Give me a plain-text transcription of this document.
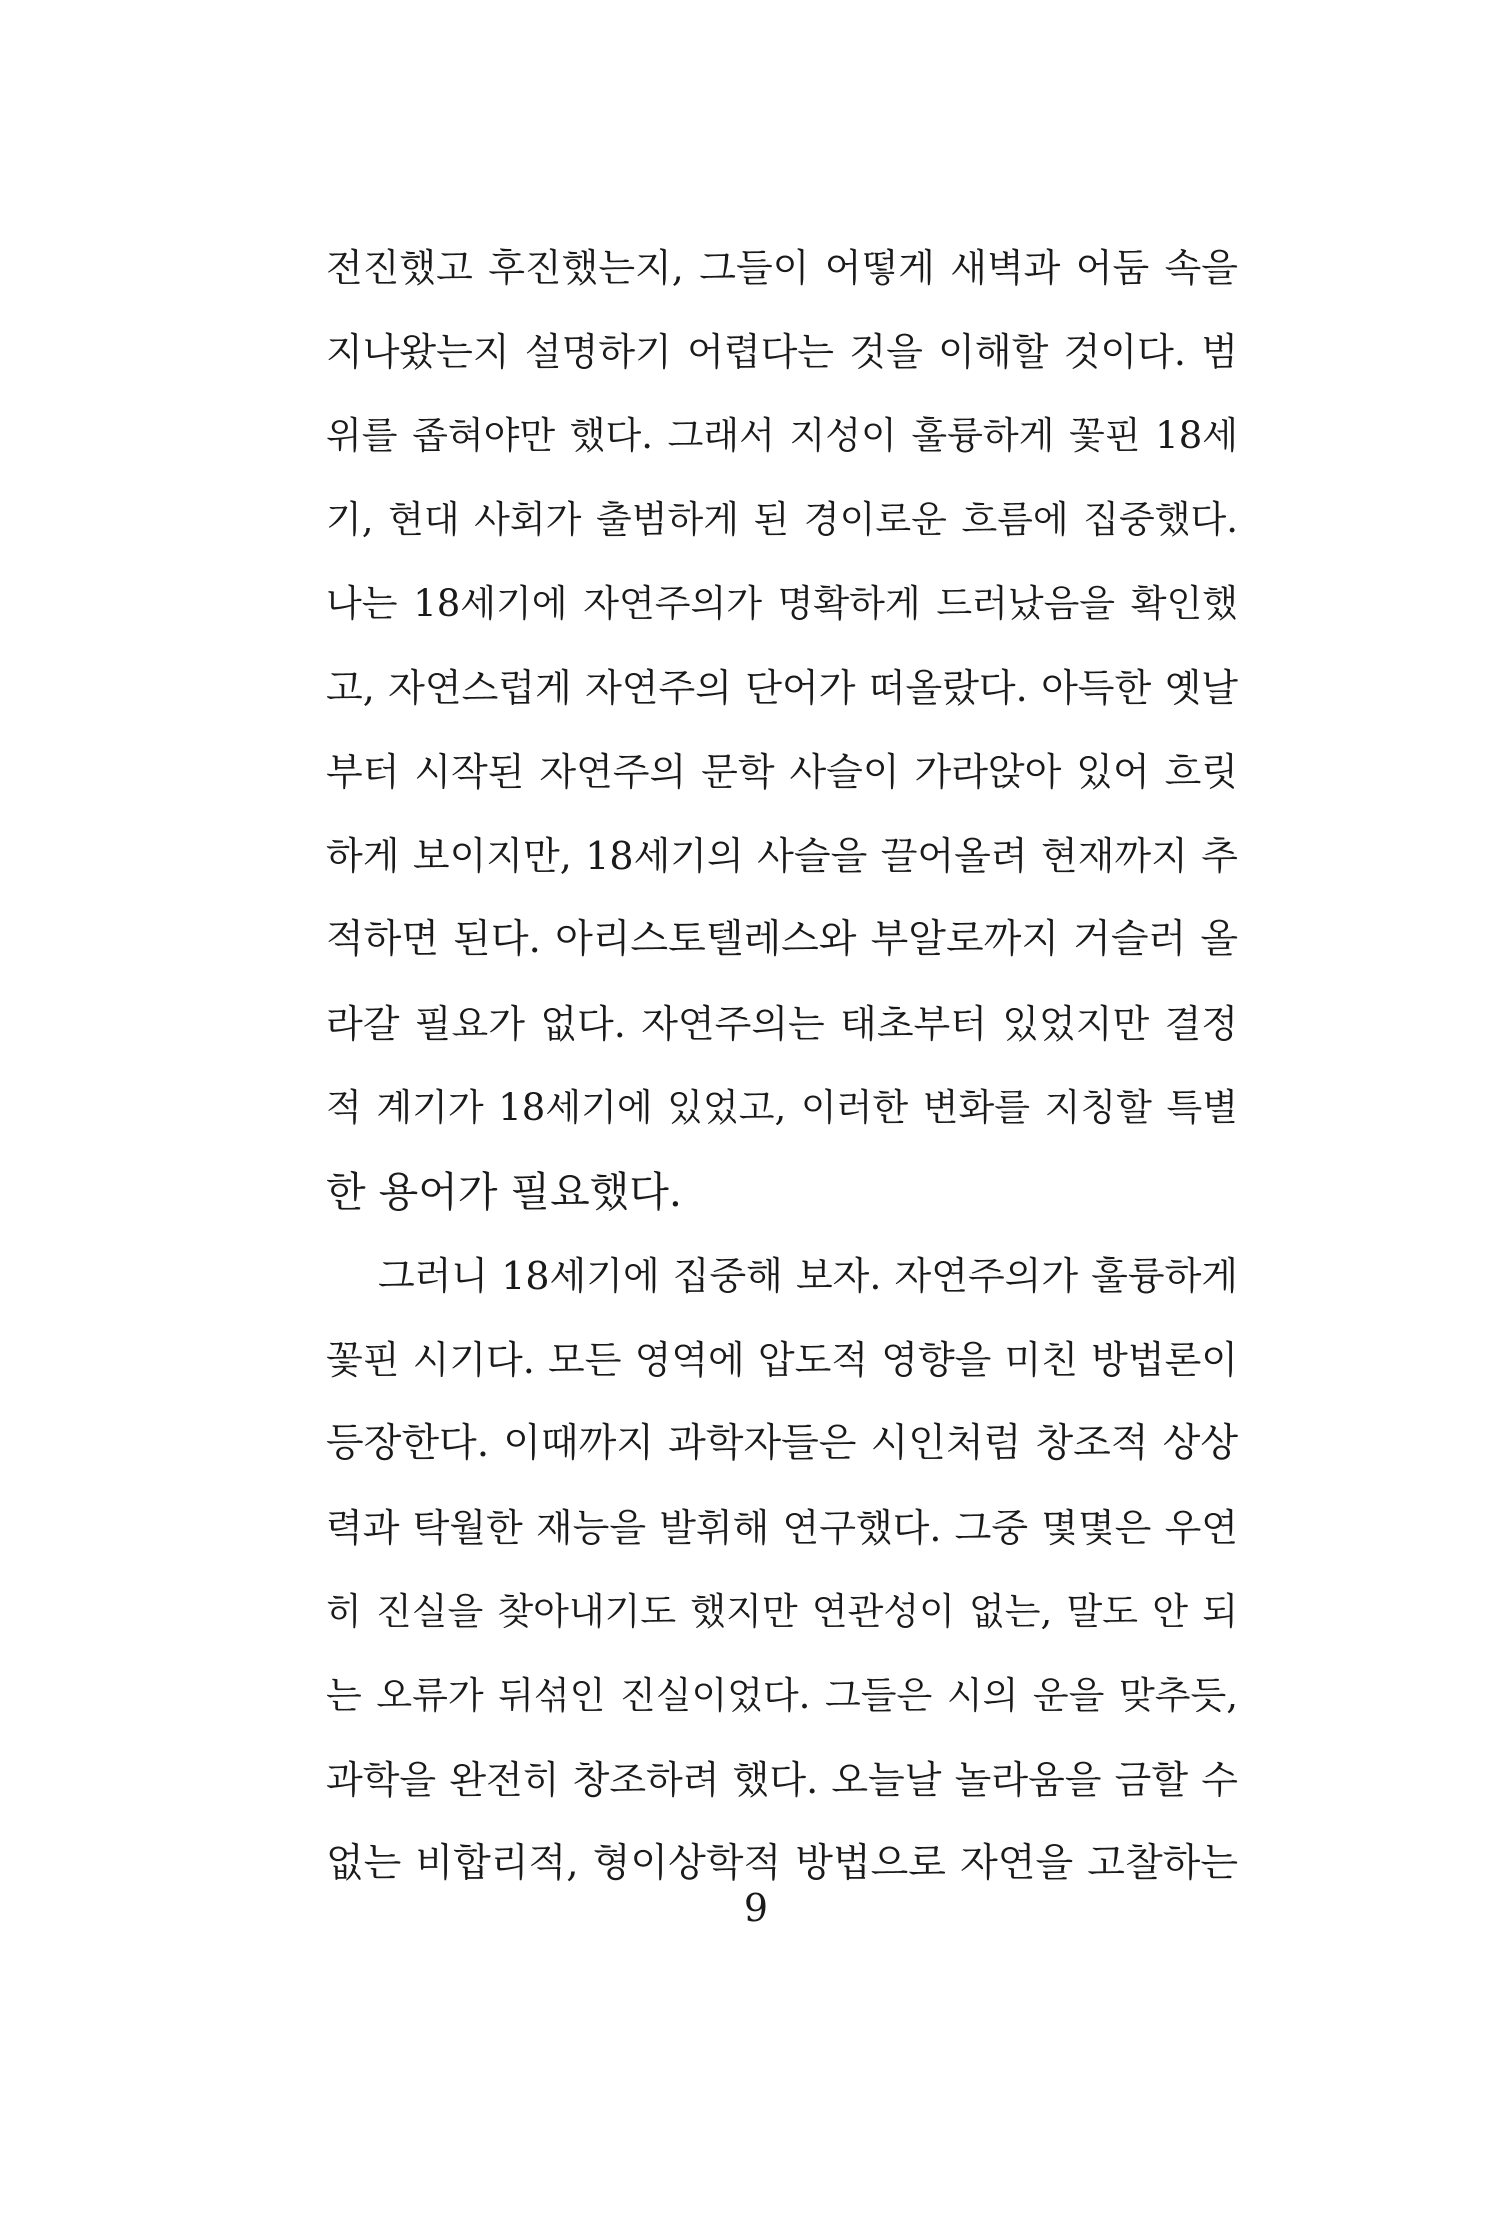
전진했고 후진했는지, 그들이 어떻게 새벽과 어둠 속을
지나왔는지 설명하기 어렵다는 것을 이해할 것이다. 범
위를 좁혀야만 했다. 그래서 지성이 훌륭하게 꽃핀 18세
기, 현대 사회가 출범하게 된 경이로운 흐름에 집중했다.
나는 18세기에 자연주의가 명확하게 드러났음을 확인했
고, 자연스럽게 자연주의 단어가 떠올랐다. 아득한 옛날
부터 시작된 자연주의 문학 사슬이 가라앉아 있어 흐릿
하게 보이지만, 18세기의 사슬을 끌어올려 현재까지 추
적하면 된다. 아리스토텔레스와 부알로까지 거슬러 올
라갈 필요가 없다. 자연주의는 태초부터 있었지만 결정
적 계기가 18세기에 있었고, 이러한 변화를 지칭할 특별
한 용어가 필요했다.
그러니 18세기에 집중해 보자. 자연주의가 훌륭하게
꽃핀 시기다. 모든 영역에 압도적 영향을 미친 방법론이
등장한다. 이때까지 과학자들은 시인처럼 창조적 상상
력과 탁월한 재능을 발휘해 연구했다. 그중 몇몇은 우연
히 진실을 찾아내기도 했지만 연관성이 없는, 말도 안 되
는 오류가 뒤섞인 진실이었다. 그들은 시의 운을 맞추듯,
과학을 완전히 창조하려 했다. 오늘날 놀라움을 금할 수
없는 비합리적, 형이상학적 방법으로 자연을 고찰하는
9
